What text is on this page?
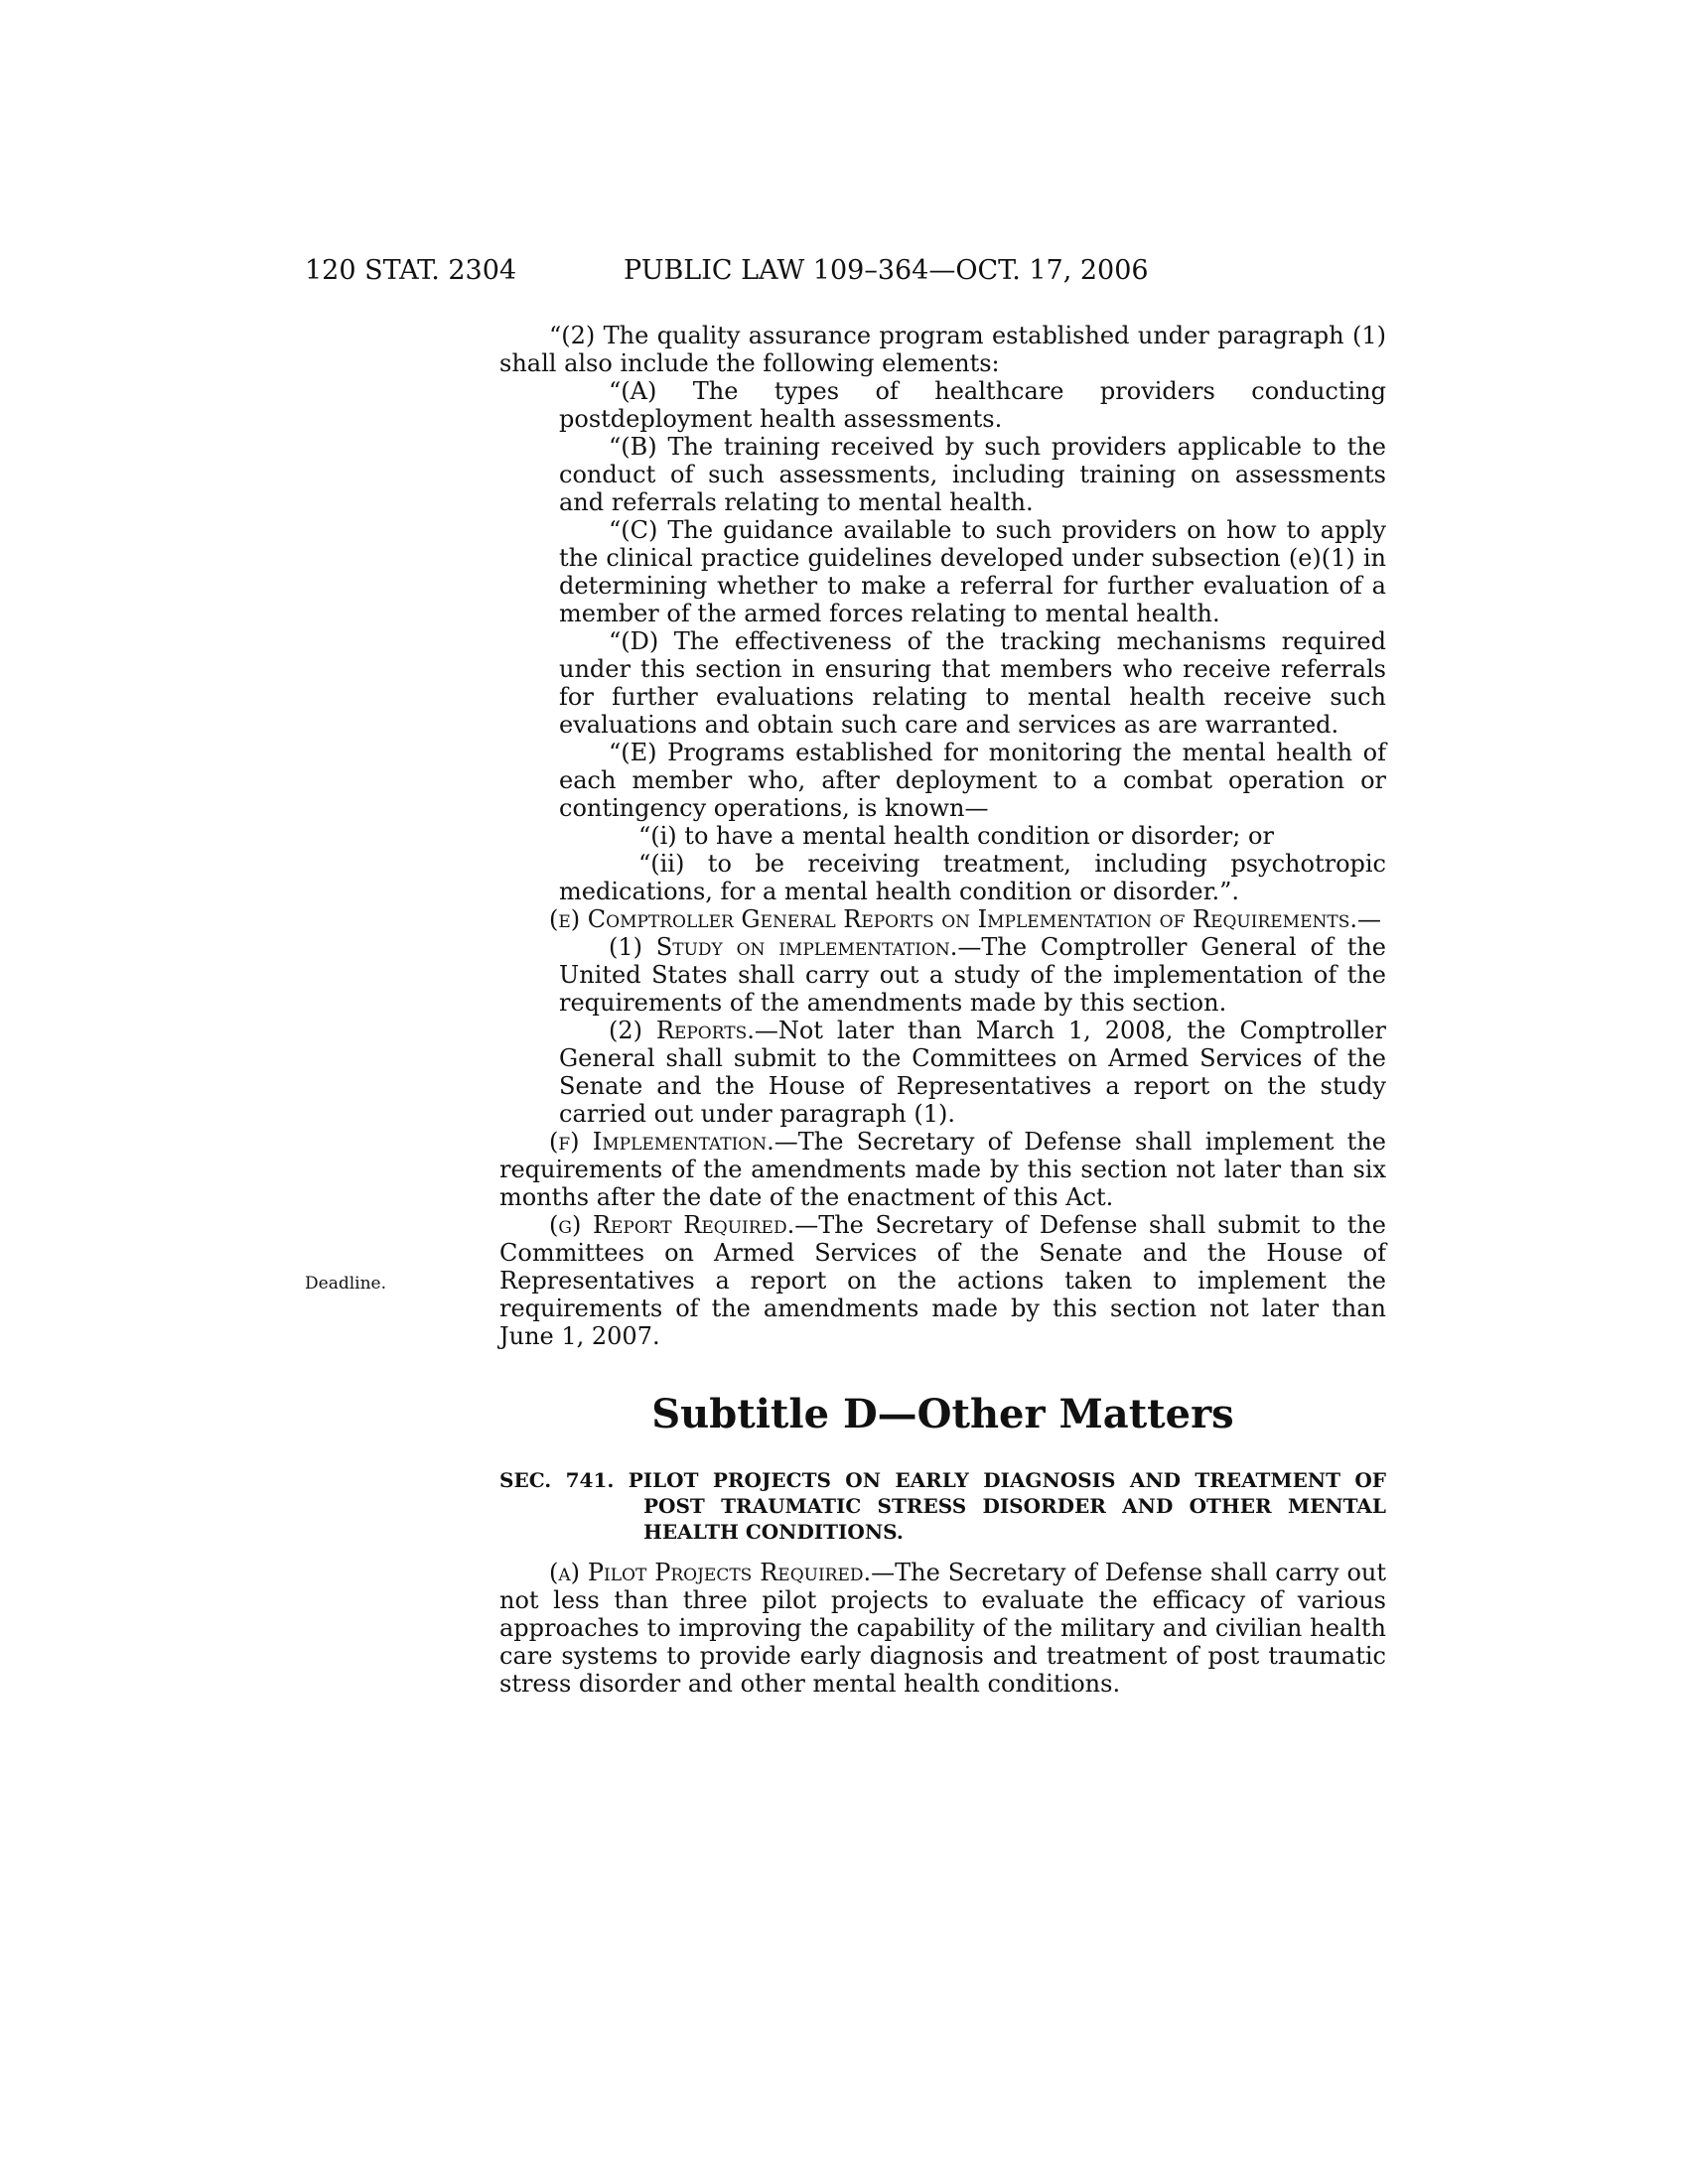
120 STAT. 2304	PUBLIC LAW 109–364—OCT. 17, 2006
Deadline.

“(2) The quality assurance program established under paragraph (1) shall also include the following elements:

“(A) The types of healthcare providers conducting postdeployment health assessments.

“(B) The training received by such providers applicable to the conduct of such assessments, including training on assessments and referrals relating to mental health.

“(C) The guidance available to such providers on how to apply the clinical practice guidelines developed under subsection (e)(1) in determining whether to make a referral for further evaluation of a member of the armed forces relating to mental health.

“(D) The effectiveness of the tracking mechanisms required under this section in ensuring that members who receive referrals for further evaluations relating to mental health receive such evaluations and obtain such care and services as are warranted.

“(E) Programs established for monitoring the mental health of each member who, after deployment to a combat operation or contingency operations, is known—

“(i) to have a mental health condition or disorder; or

“(ii) to be receiving treatment, including psychotropic medications, for a mental health condition or disorder.”.

(e) Comptroller General Reports on Implementation of Requirements.—

(1) Study on implementation.—The Comptroller General of the United States shall carry out a study of the implementation of the requirements of the amendments made by this section.

(2) Reports.—Not later than March 1, 2008, the Comptroller General shall submit to the Committees on Armed Services of the Senate and the House of Representatives a report on the study carried out under paragraph (1).

(f) Implementation.—The Secretary of Defense shall implement the requirements of the amendments made by this section not later than six months after the date of the enactment of this Act.

(g) Report Required.—The Secretary of Defense shall submit to the Committees on Armed Services of the Senate and the House of Representatives a report on the actions taken to implement the requirements of the amendments made by this section not later than June 1, 2007.

Subtitle D—Other Matters
SEC. 741. PILOT PROJECTS ON EARLY DIAGNOSIS AND TREATMENT OF POST TRAUMATIC STRESS DISORDER AND OTHER MENTAL HEALTH CONDITIONS.

(a) Pilot Projects Required.—The Secretary of Defense shall carry out not less than three pilot projects to evaluate the efficacy of various approaches to improving the capability of the military and civilian health care systems to provide early diagnosis and treatment of post traumatic stress disorder and other mental health conditions.
